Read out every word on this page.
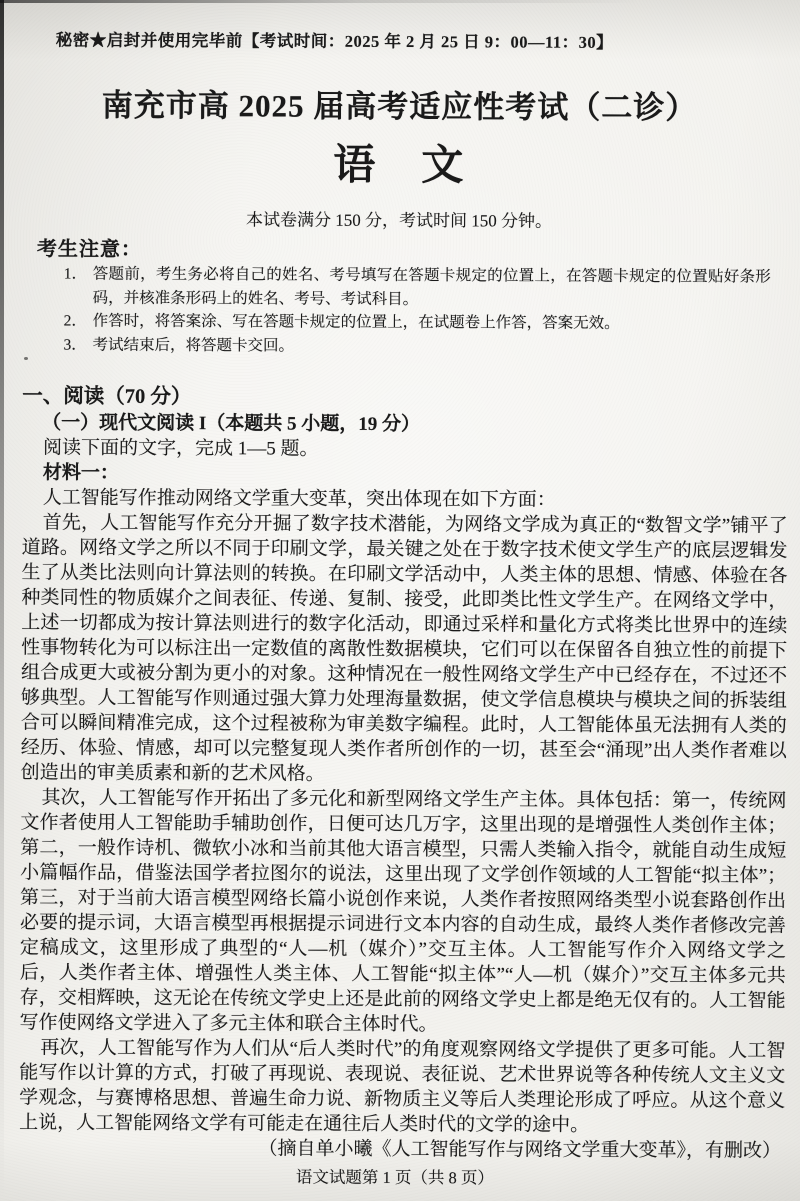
秘密★启封并使用完毕前【考试时间：2025 年 2 月 25 日 9：00—11：30】
南充市高 2025 届高考适应性考试（二诊）
语　文
本试卷满分 150 分，考试时间 150 分钟。
考生注意：
1． 答题前，考生务必将自己的姓名、考号填写在答题卡规定的位置上，在答题卡规定的位置贴好条形码，并核准条形码上的姓名、考号、考试科目。
2． 作答时，将答案涂、写在答题卡规定的位置上，在试题卷上作答，答案无效。
3． 考试结束后，将答题卡交回。
一、阅读（70 分）
（一）现代文阅读 I（本题共 5 小题，19 分）
阅读下面的文字，完成 1—5 题。
材料一：

人工智能写作推动网络文学重大变革，突出体现在如下方面：

首先，人工智能写作充分开掘了数字技术潜能，为网络文学成为真正的“数智文学”铺平了道路。网络文学之所以不同于印刷文学，最关键之处在于数字技术使文学生产的底层逻辑发生了从类比法则向计算法则的转换。在印刷文学活动中，人类主体的思想、情感、体验在各种类同性的物质媒介之间表征、传递、复制、接受，此即类比性文学生产。在网络文学中，上述一切都成为按计算法则进行的数字化活动，即通过采样和量化方式将类比世界中的连续性事物转化为可以标注出一定数值的离散性数据模块，它们可以在保留各自独立性的前提下组合成更大或被分割为更小的对象。这种情况在一般性网络文学生产中已经存在，不过还不够典型。人工智能写作则通过强大算力处理海量数据，使文学信息模块与模块之间的拆装组合可以瞬间精准完成，这个过程被称为审美数字编程。此时，人工智能体虽无法拥有人类的经历、体验、情感，却可以完整复现人类作者所创作的一切，甚至会“涌现”出人类作者难以创造出的审美质素和新的艺术风格。

其次，人工智能写作开拓出了多元化和新型网络文学生产主体。具体包括：第一，传统网文作者使用人工智能助手辅助创作，日便可达几万字，这里出现的是增强性人类创作主体；第二，一般作诗机、微软小冰和当前其他大语言模型，只需人类输入指令，就能自动生成短小篇幅作品，借鉴法国学者拉图尔的说法，这里出现了文学创作领域的人工智能“拟主体”；第三，对于当前大语言模型网络长篇小说创作来说，人类作者按照网络类型小说套路创作出必要的提示词，大语言模型再根据提示词进行文本内容的自动生成，最终人类作者修改完善定稿成文，这里形成了典型的“人—机（媒介）”交互主体。人工智能写作介入网络文学之后，人类作者主体、增强性人类主体、人工智能“拟主体”“人—机（媒介）”交互主体多元共存，交相辉映，这无论在传统文学史上还是此前的网络文学史上都是绝无仅有的。人工智能写作使网络文学进入了多元主体和联合主体时代。

再次，人工智能写作为人们从“后人类时代”的角度观察网络文学提供了更多可能。人工智能写作以计算的方式，打破了再现说、表现说、表征说、艺术世界说等各种传统人文主义文学观念，与赛博格思想、普遍生命力说、新物质主义等后人类理论形成了呼应。从这个意义上说，人工智能网络文学有可能走在通往后人类时代的文学的途中。

（摘自单小曦《人工智能写作与网络文学重大变革》，有删改）
语文试题第 1 页（共 8 页）
